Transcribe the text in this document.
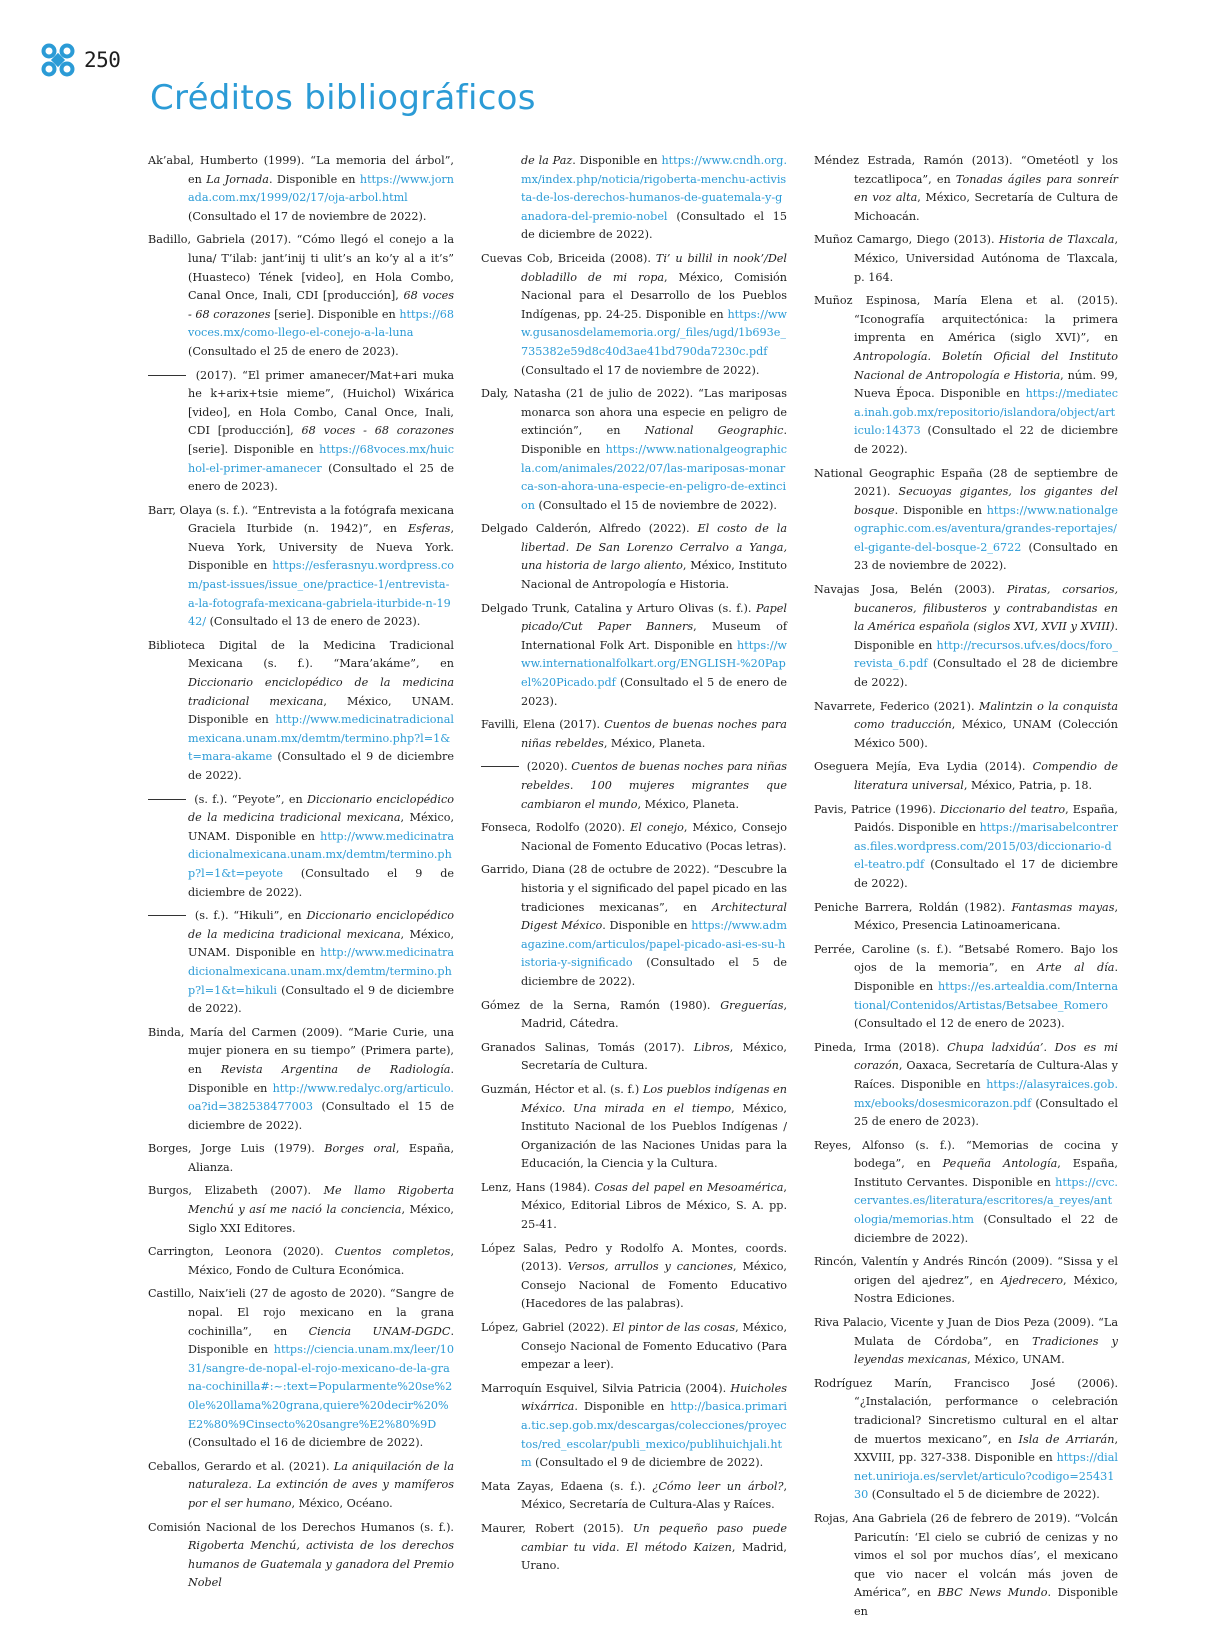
250
Créditos bibliográficos

Ak’abal, Humberto (1999). “La memoria del árbol”, en La Jornada. Disponible en https://www.jornada.com.mx/1999/02/17/oja-arbol.html (Consultado el 17 de noviembre de 2022).

Badillo, Gabriela (2017). “Cómo llegó el conejo a la luna/ T’ilab: jant’inij ti ulit’s an ko’y al a it’s” (Huasteco) Tének [video], en Hola Combo, Canal Once, Inali, CDI [producción], 68 voces - 68 corazones [serie]. Disponible en https://68voces.mx/como-llego-el-conejo-a-la-luna (Consultado el 25 de enero de 2023).

(2017). “El primer amanecer/Mat+ari muka he k+arix+tsie mieme”, (Huichol) Wixárica [video], en Hola Combo, Canal Once, Inali, CDI [producción], 68 voces - 68 corazones [serie]. Disponible en https://68voces.mx/huichol-el-primer-amanecer (Consultado el 25 de enero de 2023).

Barr, Olaya (s. f.). “Entrevista a la fotógrafa mexicana Graciela Iturbide (n. 1942)”, en Esferas, Nueva York, University de Nueva York. Disponible en https://esferasnyu.wordpress.com/past-issues/issue_one/practice-1/entrevista-a-la-fotografa-mexicana-gabriela-iturbide-n-1942/ (Consultado el 13 de enero de 2023).

Biblioteca Digital de la Medicina Tradicional Mexicana (s. f.). “Mara’akáme”, en Diccionario enciclopédico de la medicina tradicional mexicana, México, UNAM. Disponible en http://www.medicinatradicionalmexicana.unam.mx/demtm/termino.php?l=1&t=mara-akame (Consultado el 9 de diciembre de 2022).

(s. f.). “Peyote”, en Diccionario enciclopédico de la medicina tradicional mexicana, México, UNAM. Disponible en http://www.medicinatradicionalmexicana.unam.mx/demtm/termino.php?l=1&t=peyote (Consultado el 9 de diciembre de 2022).

(s. f.). “Hikuli”, en Diccionario enciclopédico de la medicina tradicional mexicana, México, UNAM. Disponible en http://www.medicinatradicionalmexicana.unam.mx/demtm/termino.php?l=1&t=hikuli (Consultado el 9 de diciembre de 2022).

Binda, María del Carmen (2009). “Marie Curie, una mujer pionera en su tiempo” (Primera parte), en Revista Argentina de Radiología. Disponible en http://www.redalyc.org/articulo.oa?id=382538477003 (Consultado el 15 de diciembre de 2022).

Borges, Jorge Luis (1979). Borges oral, España, Alianza.

Burgos, Elizabeth (2007). Me llamo Rigoberta Menchú y así me nació la conciencia, México, Siglo XXI Editores.

Carrington, Leonora (2020). Cuentos completos, México, Fondo de Cultura Económica.

Castillo, Naix’ieli (27 de agosto de 2020). “Sangre de nopal. El rojo mexicano en la grana cochinilla”, en Ciencia UNAM-DGDC. Disponible en https://ciencia.unam.mx/leer/1031/sangre-de-nopal-el-rojo-mexicano-de-la-grana-cochinilla#:~:text=Popularmente%20se%20le%20llama%20grana,quiere%20decir%20%E2%80%9Cinsecto%20sangre%E2%80%9D (Consultado el 16 de diciembre de 2022).

Ceballos, Gerardo et al. (2021). La aniquilación de la naturaleza. La extinción de aves y mamíferos por el ser humano, México, Océano.

Comisión Nacional de los Derechos Humanos (s. f.). Rigoberta Menchú, activista de los derechos humanos de Guatemala y ganadora del Premio Nobel

de la Paz. Disponible en https://www.cndh.org.mx/index.php/noticia/rigoberta-menchu-activista-de-los-derechos-humanos-de-guatemala-y-ganadora-del-premio-nobel (Consultado el 15 de diciembre de 2022).

Cuevas Cob, Briceida (2008). Ti’ u billil in nook’/Del dobladillo de mi ropa, México, Comisión Nacional para el Desarrollo de los Pueblos Indígenas, pp. 24-25. Disponible en https://www.gusanosdelamemoria.org/_files/ugd/1b693e_735382e59d8c40d3ae41bd790da7230c.pdf (Consultado el 17 de noviembre de 2022).

Daly, Natasha (21 de julio de 2022). “Las mariposas monarca son ahora una especie en peligro de extinción”, en National Geographic. Disponible en https://www.nationalgeographicla.com/animales/2022/07/las-mariposas-monarca-son-ahora-una-especie-en-peligro-de-extincion (Consultado el 15 de noviembre de 2022).

Delgado Calderón, Alfredo (2022). El costo de la libertad. De San Lorenzo Cerralvo a Yanga, una historia de largo aliento, México, Instituto Nacional de Antropología e Historia.

Delgado Trunk, Catalina y Arturo Olivas (s. f.). Papel picado/Cut Paper Banners, Museum of International Folk Art. Disponible en https://www.internationalfolkart.org/ENGLISH-%20Papel%20Picado.pdf (Consultado el 5 de enero de 2023).

Favilli, Elena (2017). Cuentos de buenas noches para niñas rebeldes, México, Planeta.

(2020). Cuentos de buenas noches para niñas rebeldes. 100 mujeres migrantes que cambiaron el mundo, México, Planeta.

Fonseca, Rodolfo (2020). El conejo, México, Consejo Nacional de Fomento Educativo (Pocas letras).

Garrido, Diana (28 de octubre de 2022). “Descubre la historia y el significado del papel picado en las tradiciones mexicanas”, en Architectural Digest México. Disponible en https://www.admagazine.com/articulos/papel-picado-asi-es-su-historia-y-significado (Consultado el 5 de diciembre de 2022).

Gómez de la Serna, Ramón (1980). Greguerías, Madrid, Cátedra.

Granados Salinas, Tomás (2017). Libros, México, Secretaría de Cultura.

Guzmán, Héctor et al. (s. f.) Los pueblos indígenas en México. Una mirada en el tiempo, México, Instituto Nacional de los Pueblos Indígenas / Organización de las Naciones Unidas para la Educación, la Ciencia y la Cultura.

Lenz, Hans (1984). Cosas del papel en Mesoamérica, México, Editorial Libros de México, S. A. pp. 25-41.

López Salas, Pedro y Rodolfo A. Montes, coords. (2013). Versos, arrullos y canciones, México, Consejo Nacional de Fomento Educativo (Hacedores de las palabras).

López, Gabriel (2022). El pintor de las cosas, México, Consejo Nacional de Fomento Educativo (Para empezar a leer).

Marroquín Esquivel, Silvia Patricia (2004). Huicholes wixárrica. Disponible en http://basica.primaria.tic.sep.gob.mx/descargas/colecciones/proyectos/red_escolar/publi_mexico/publihuichjali.htm (Consultado el 9 de diciembre de 2022).

Mata Zayas, Edaena (s. f.). ¿Cómo leer un árbol?, México, Secretaría de Cultura-Alas y Raíces.

Maurer, Robert (2015). Un pequeño paso puede cambiar tu vida. El método Kaizen, Madrid, Urano.

Méndez Estrada, Ramón (2013). “Ometéotl y los tezcatlipoca”, en Tonadas ágiles para sonreír en voz alta, México, Secretaría de Cultura de Michoacán.

Muñoz Camargo, Diego (2013). Historia de Tlaxcala, México, Universidad Autónoma de Tlaxcala, p. 164.

Muñoz Espinosa, María Elena et al. (2015). “Iconografía arquitectónica: la primera imprenta en América (siglo XVI)”, en Antropología. Boletín Oficial del Instituto Nacional de Antropología e Historia, núm. 99, Nueva Época. Disponible en https://mediateca.inah.gob.mx/repositorio/islandora/object/articulo:14373 (Consultado el 22 de diciembre de 2022).

National Geographic España (28 de septiembre de 2021). Secuoyas gigantes, los gigantes del bosque. Disponible en https://www.nationalgeographic.com.es/aventura/grandes-reportajes/el-gigante-del-bosque-2_6722 (Consultado en 23 de noviembre de 2022).

Navajas Josa, Belén (2003). Piratas, corsarios, bucaneros, filibusteros y contrabandistas en la América española (siglos XVI, XVII y XVIII). Disponible en http://recursos.ufv.es/docs/foro_revista_6.pdf (Consultado el 28 de diciembre de 2022).

Navarrete, Federico (2021). Malintzin o la conquista como traducción, México, UNAM (Colección México 500).

Oseguera Mejía, Eva Lydia (2014). Compendio de literatura universal, México, Patria, p. 18.

Pavis, Patrice (1996). Diccionario del teatro, España, Paidós. Disponible en https://marisabelcontreras.files.wordpress.com/2015/03/diccionario-del-teatro.pdf (Consultado el 17 de diciembre de 2022).

Peniche Barrera, Roldán (1982). Fantasmas mayas, México, Presencia Latinoamericana.

Perrée, Caroline (s. f.). “Betsabé Romero. Bajo los ojos de la memoria”, en Arte al día. Disponible en https://es.artealdia.com/International/Contenidos/Artistas/Betsabee_Romero (Consultado el 12 de enero de 2023).

Pineda, Irma (2018). Chupa ladxidúa’. Dos es mi corazón, Oaxaca, Secretaría de Cultura-Alas y Raíces. Disponible en https://alasyraices.gob.mx/ebooks/dosesmicorazon.pdf (Consultado el 25 de enero de 2023).

Reyes, Alfonso (s. f.). “Memorias de cocina y bodega”, en Pequeña Antología, España, Instituto Cervantes. Disponible en https://cvc.cervantes.es/literatura/escritores/a_reyes/antologia/memorias.htm (Consultado el 22 de diciembre de 2022).

Rincón, Valentín y Andrés Rincón (2009). “Sissa y el origen del ajedrez”, en Ajedrecero, México, Nostra Ediciones.

Riva Palacio, Vicente y Juan de Dios Peza (2009). “La Mulata de Córdoba”, en Tradiciones y leyendas mexicanas, México, UNAM.

Rodríguez Marín, Francisco José (2006). “¿Instalación, performance o celebración tradicional? Sincretismo cultural en el altar de muertos mexicano”, en Isla de Arriarán, XXVIII, pp. 327-338. Disponible en https://dialnet.unirioja.es/servlet/articulo?codigo=2543130 (Consultado el 5 de diciembre de 2022).

Rojas, Ana Gabriela (26 de febrero de 2019). “Volcán Paricutín: ‘El cielo se cubrió de cenizas y no vimos el sol por muchos días’, el mexicano que vio nacer el volcán más joven de América”, en BBC News Mundo. Disponible en
